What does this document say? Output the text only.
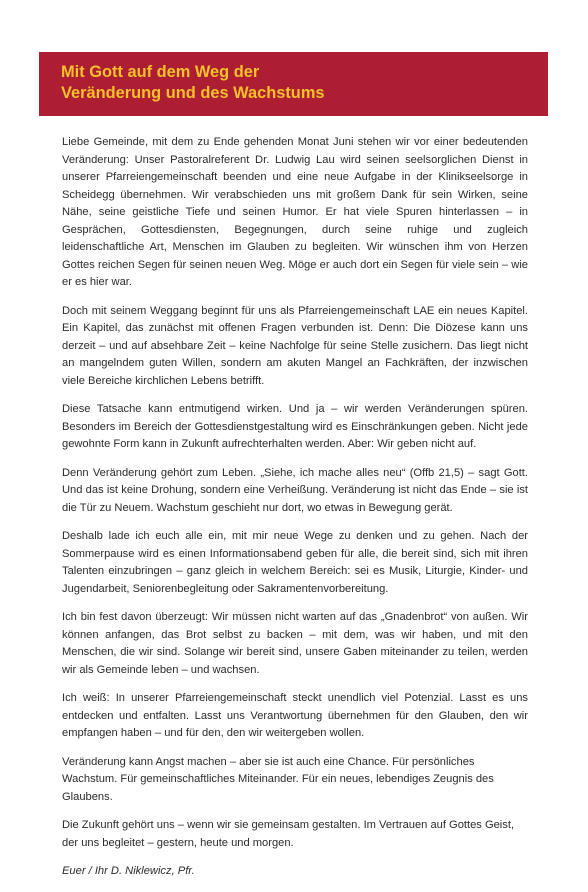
Mit Gott auf dem Weg der
Veränderung und des Wachstums

Liebe Gemeinde, mit dem zu Ende gehenden Monat Juni stehen wir vor einer bedeutenden Veränderung: Unser Pastoralreferent Dr. Ludwig Lau wird seinen seelsorglichen Dienst in unserer Pfarreiengemeinschaft beenden und eine neue Aufgabe in der Klinikseelsorge in Scheidegg übernehmen. Wir verabschieden uns mit großem Dank für sein Wirken, seine Nähe, seine geistliche Tiefe und seinen Humor. Er hat viele Spuren hinterlassen – in Gesprächen, Gottesdiensten, Begegnungen, durch seine ruhige und zugleich leidenschaftliche Art, Menschen im Glauben zu begleiten. Wir wünschen ihm von Herzen Gottes reichen Segen für seinen neuen Weg. Möge er auch dort ein Segen für viele sein – wie er es hier war.

Doch mit seinem Weggang beginnt für uns als Pfarreiengemeinschaft LAE ein neues Kapitel. Ein Kapitel, das zunächst mit offenen Fragen verbunden ist. Denn: Die Diözese kann uns derzeit – und auf absehbare Zeit – keine Nachfolge für seine Stelle zusichern. Das liegt nicht an mangelndem guten Willen, sondern am akuten Mangel an Fachkräften, der inzwischen viele Bereiche kirchlichen Lebens betrifft.

Diese Tatsache kann entmutigend wirken. Und ja – wir werden Veränderungen spüren. Besonders im Bereich der Gottesdienstgestaltung wird es Einschränkungen geben. Nicht jede gewohnte Form kann in Zukunft aufrechterhalten werden. Aber: Wir geben nicht auf.

Denn Veränderung gehört zum Leben. „Siehe, ich mache alles neu“ (Offb 21,5) – sagt Gott. Und das ist keine Drohung, sondern eine Verheißung. Veränderung ist nicht das Ende – sie ist die Tür zu Neuem. Wachstum geschieht nur dort, wo etwas in Bewegung gerät.

Deshalb lade ich euch alle ein, mit mir neue Wege zu denken und zu gehen. Nach der Sommerpause wird es einen Informationsabend geben für alle, die bereit sind, sich mit ihren Talenten einzubringen – ganz gleich in welchem Bereich: sei es Musik, Liturgie, Kinder- und Jugendarbeit, Seniorenbegleitung oder Sakramentenvorbereitung.

Ich bin fest davon überzeugt: Wir müssen nicht warten auf das „Gnadenbrot“ von außen. Wir können anfangen, das Brot selbst zu backen – mit dem, was wir haben, und mit den Menschen, die wir sind. Solange wir bereit sind, unsere Gaben miteinander zu teilen, werden wir als Gemeinde leben – und wachsen.

Ich weiß: In unserer Pfarreiengemeinschaft steckt unendlich viel Potenzial. Lasst es uns entdecken und entfalten. Lasst uns Verantwortung übernehmen für den Glauben, den wir empfangen haben – und für den, den wir weitergeben wollen.

Veränderung kann Angst machen – aber sie ist auch eine Chance. Für persönliches Wachstum. Für gemeinschaftliches Miteinander. Für ein neues, lebendiges Zeugnis des Glaubens.

Die Zukunft gehört uns – wenn wir sie gemeinsam gestalten. Im Vertrauen auf Gottes Geist, der uns begleitet – gestern, heute und morgen.

Euer / Ihr D. Niklewicz, Pfr.
